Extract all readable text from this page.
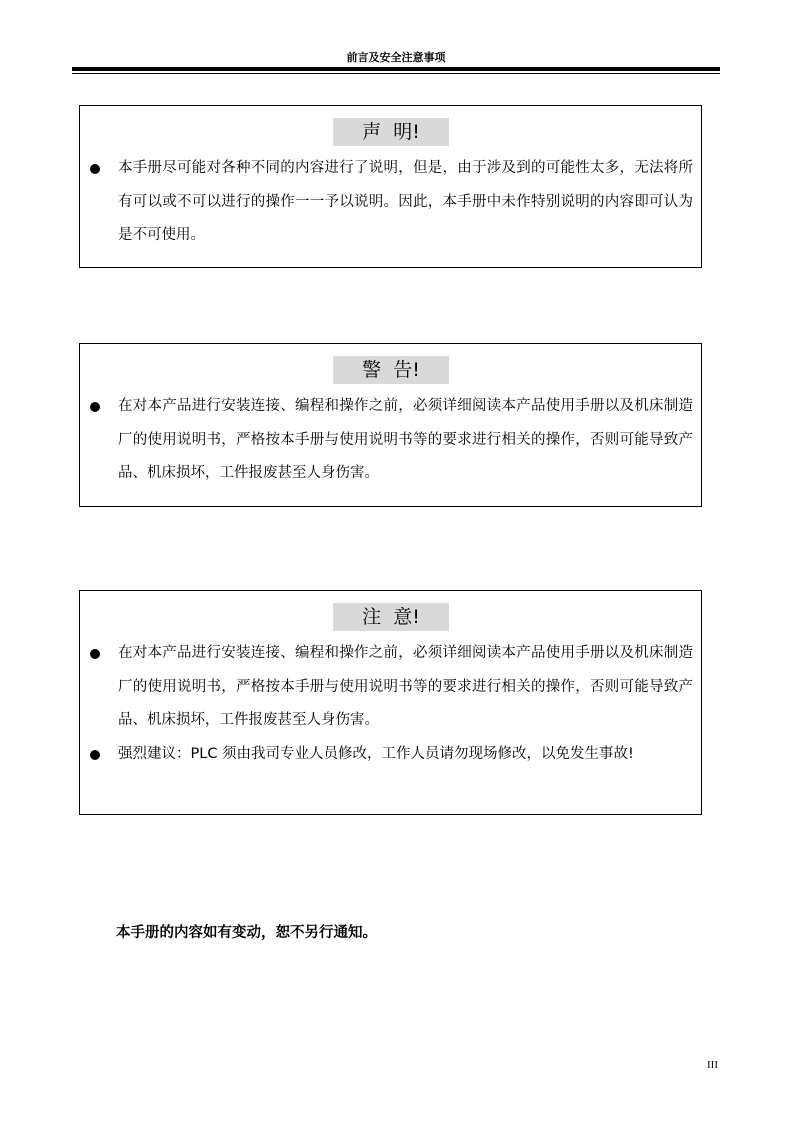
前言及安全注意事项
声  明!
本手册尽可能对各种不同的内容进行了说明，但是，由于涉及到的可能性太多，无法将所有可以或不可以进行的操作一一予以说明。因此，本手册中未作特别说明的内容即可认为是不可使用。
警  告!
在对本产品进行安装连接、编程和操作之前，必须详细阅读本产品使用手册以及机床制造厂的使用说明书，严格按本手册与使用说明书等的要求进行相关的操作，否则可能导致产品、机床损坏，工件报废甚至人身伤害。
注  意!
在对本产品进行安装连接、编程和操作之前，必须详细阅读本产品使用手册以及机床制造厂的使用说明书，严格按本手册与使用说明书等的要求进行相关的操作，否则可能导致产品、机床损坏，工件报废甚至人身伤害。
强烈建议：PLC 须由我司专业人员修改，工作人员请勿现场修改，以免发生事故!
本手册的内容如有变动，恕不另行通知。
III
